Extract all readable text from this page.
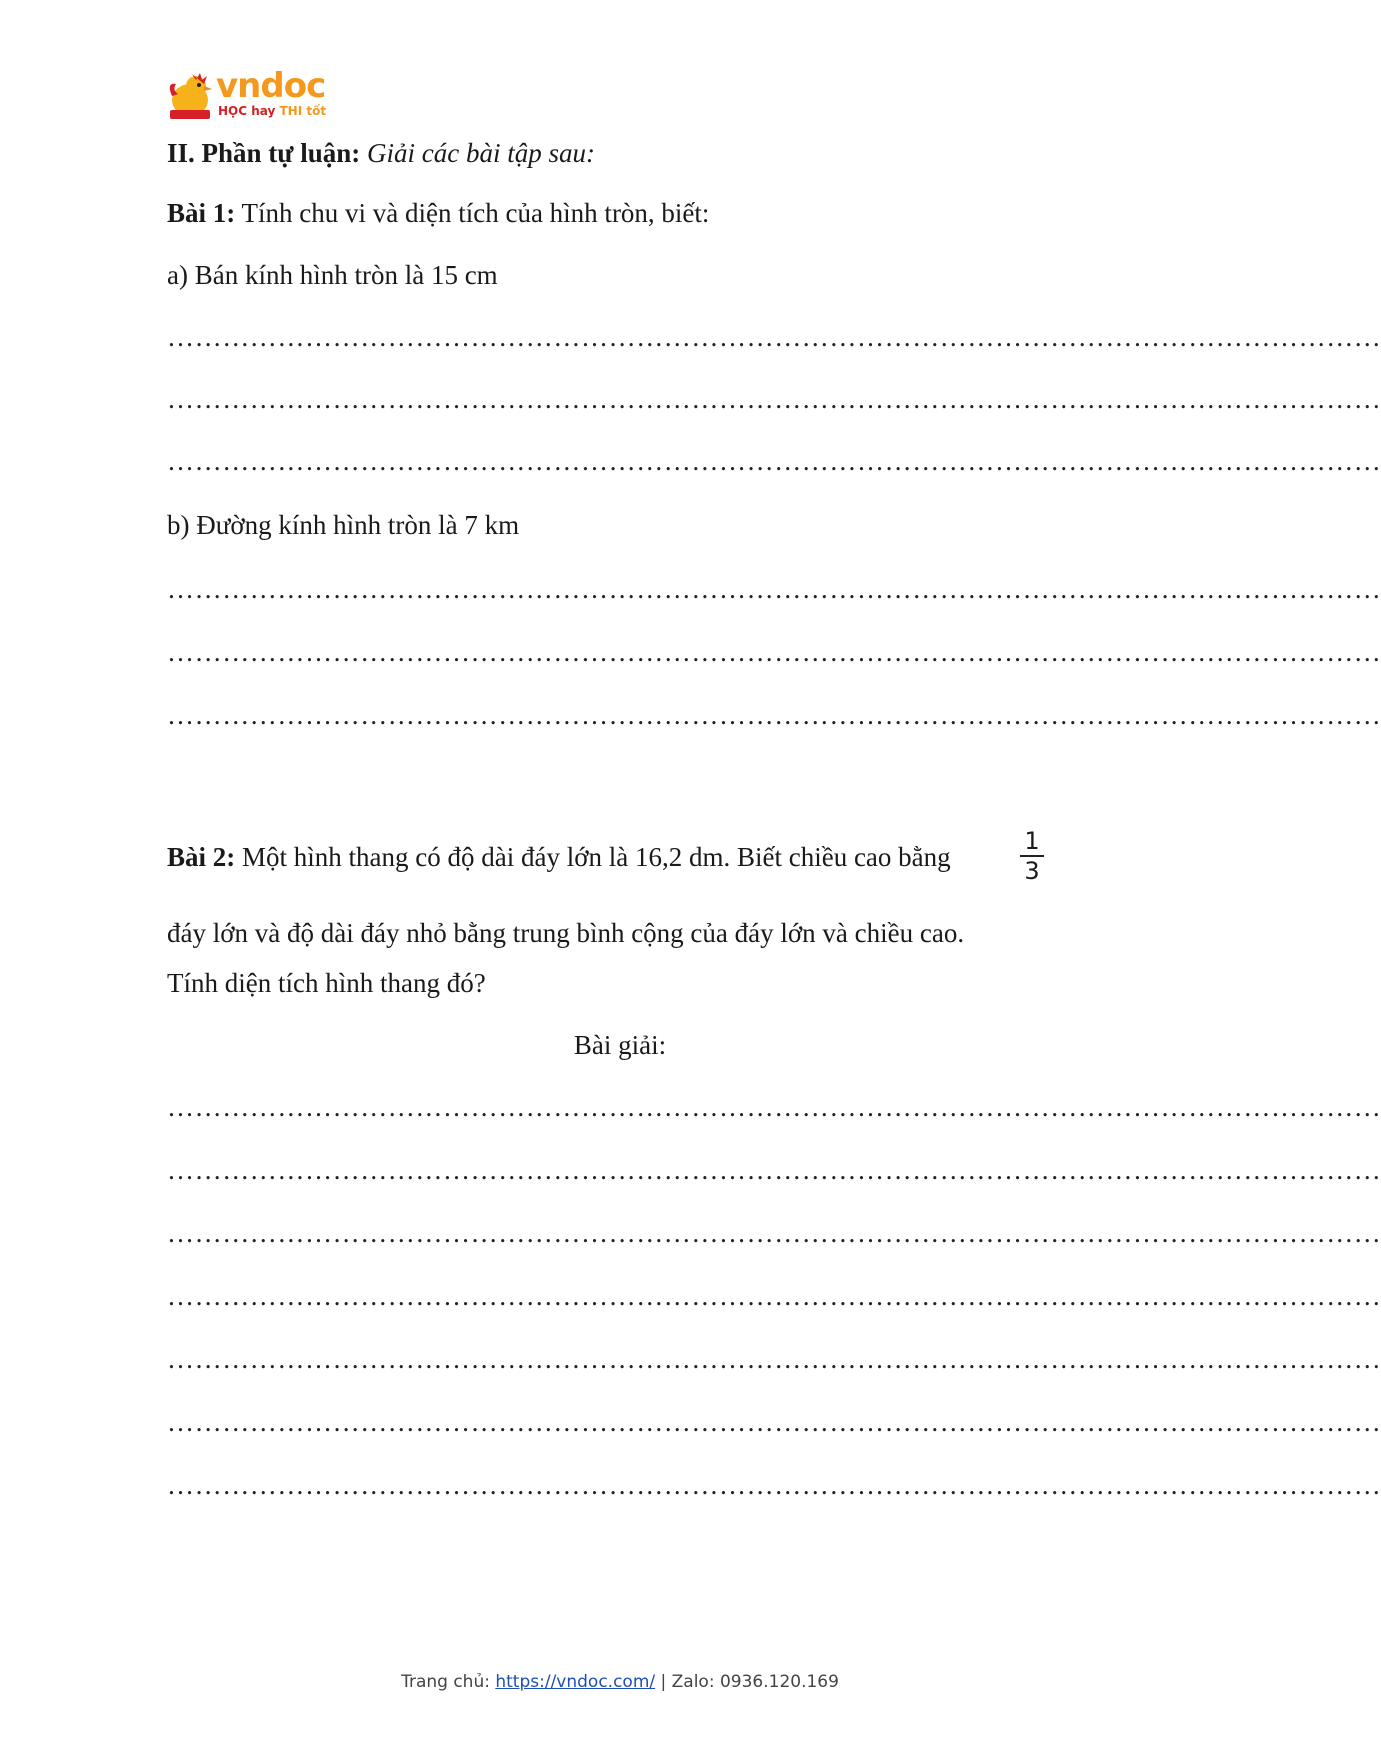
vndoc
HỌC hay THI tốt
II. Phần tự luận: Giải các bài tập sau:
Bài 1: Tính chu vi và diện tích của hình tròn, biết:
a) Bán kính hình tròn là 15 cm
……………………………………………………………………………………………………………………
……………………………………………………………………………………………………………………
……………………………………………………………………………………………………………………
b) Đường kính hình tròn là 7 km
……………………………………………………………………………………………………………………
……………………………………………………………………………………………………………………
……………………………………………………………………………………………………………………
Bài 2: Một hình thang có độ dài đáy lớn là 16,2 dm. Biết chiều cao bằng
1
3
đáy lớn và độ dài đáy nhỏ bằng trung bình cộng của đáy lớn và chiều cao.
Tính diện tích hình thang đó?
Bài giải:
……………………………………………………………………………………………………………………
……………………………………………………………………………………………………………………
……………………………………………………………………………………………………………………
……………………………………………………………………………………………………………………
……………………………………………………………………………………………………………………
……………………………………………………………………………………………………………………
……………………………………………………………………………………………………………………
Trang chủ: https://vndoc.com/ | Zalo: 0936.120.169
